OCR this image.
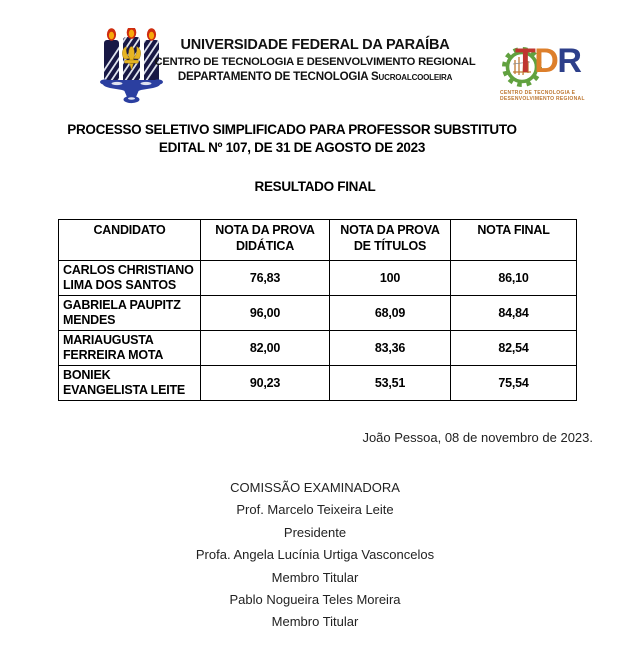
UNIVERSIDADE FEDERAL DA PARAÍBA
CENTRO DE TECNOLOGIA E DESENVOLVIMENTO REGIONAL
DEPARTAMENTO DE TECNOLOGIA Sucroalcooleira	TDR
CENTRO DE TECNOLOGIA E
DESENVOLVIMENTO REGIONAL
PROCESSO SELETIVO SIMPLIFICADO PARA PROFESSOR SUBSTITUTO
EDITAL Nº 107, DE 31 DE AGOSTO DE 2023
RESULTADO FINAL
CANDIDATO	NOTA DA PROVA DIDÁTICA	NOTA DA PROVA DE TÍTULOS	NOTA FINAL
CARLOS CHRISTIANO LIMA DOS SANTOS	76,83	100	86,10
GABRIELA PAUPITZ MENDES	96,00	68,09	84,84
MARIAUGUSTA FERREIRA MOTA	82,00	83,36	82,54
BONIEK EVANGELISTA LEITE	90,23	53,51	75,54
João Pessoa, 08 de novembro de 2023.

COMISSÃO EXAMINADORA

Prof. Marcelo Teixeira Leite

Presidente

Profa. Angela Lucínia Urtiga Vasconcelos

Membro Titular

Pablo Nogueira Teles Moreira

Membro Titular
